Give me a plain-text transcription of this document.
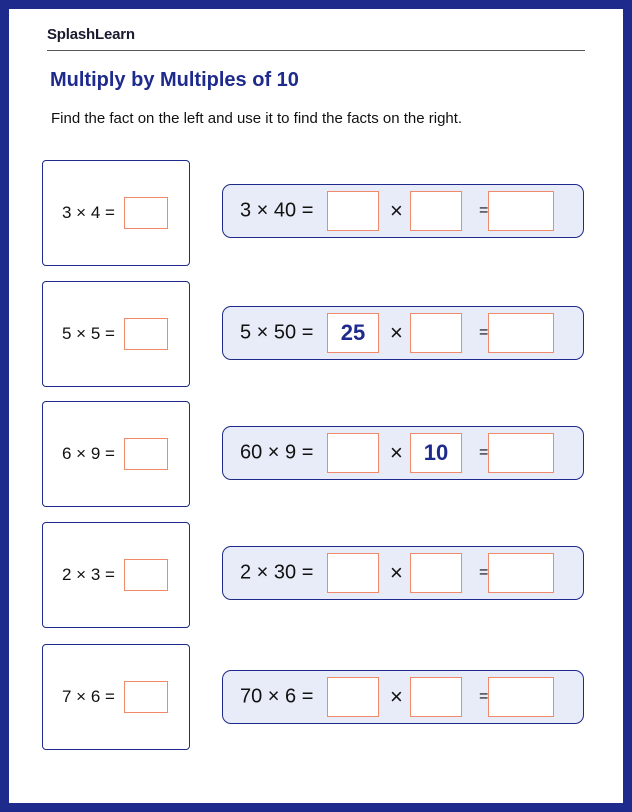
SplashLearn
Multiply by Multiples of 10
Find the fact on the left and use it to find the facts on the right.
3 × 4 =	3 × 40 =	×	=
5 × 5 =	5 × 50 =	25	×	=
6 × 9 =	60 × 9 =	× 10	=
2 × 3 =	2 × 30 =	×	=
7 × 6 =	70 × 6 =	×	=
